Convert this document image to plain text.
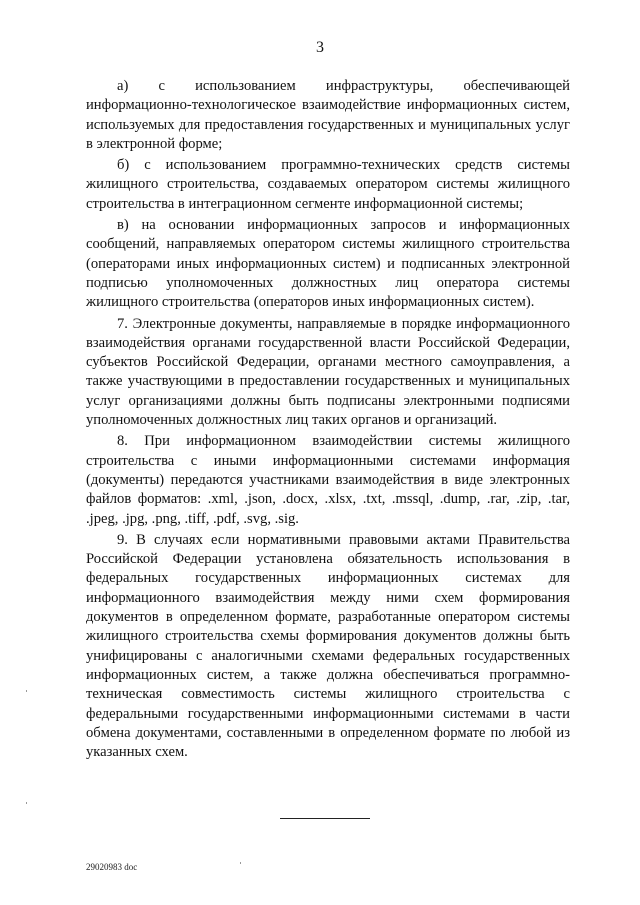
3

а) с использованием инфраструктуры, обеспечивающей информационно-технологическое взаимодействие информационных систем, используемых для предоставления государственных и муниципальных услуг в электронной форме;

б) с использованием программно-технических средств системы жилищного строительства, создаваемых оператором системы жилищного строительства в интеграционном сегменте информационной системы;

в) на основании информационных запросов и информационных сообщений, направляемых оператором системы жилищного строительства (операторами иных информационных систем) и подписанных электронной подписью уполномоченных должностных лиц оператора системы жилищного строительства (операторов иных информационных систем).

7. Электронные документы, направляемые в порядке информационного взаимодействия органами государственной власти Российской Федерации, субъектов Российской Федерации, органами местного самоуправления, а также участвующими в предоставлении государственных и муниципальных услуг организациями должны быть подписаны электронными подписями уполномоченных должностных лиц таких органов и организаций.

8. При информационном взаимодействии системы жилищного строительства с иными информационными системами информация (документы) передаются участниками взаимодействия в виде электронных файлов форматов: .xml, .json, .docx, .xlsx, .txt, .mssql, .dump, .rar, .zip, .tar, .jpeg, .jpg, .png, .tiff, .pdf, .svg, .sig.

9. В случаях если нормативными правовыми актами Правительства Российской Федерации установлена обязательность использования в федеральных государственных информационных системах для информационного взаимодействия между ними схем формирования документов в определенном формате, разработанные оператором системы жилищного строительства схемы формирования документов должны быть унифицированы с аналогичными схемами федеральных государственных информационных систем, а также должна обеспечиваться программно-техническая совместимость системы жилищного строительства с федеральными государственными информационными системами в части обмена документами, составленными в определенном формате по любой из указанных схем.

29020983 doc
